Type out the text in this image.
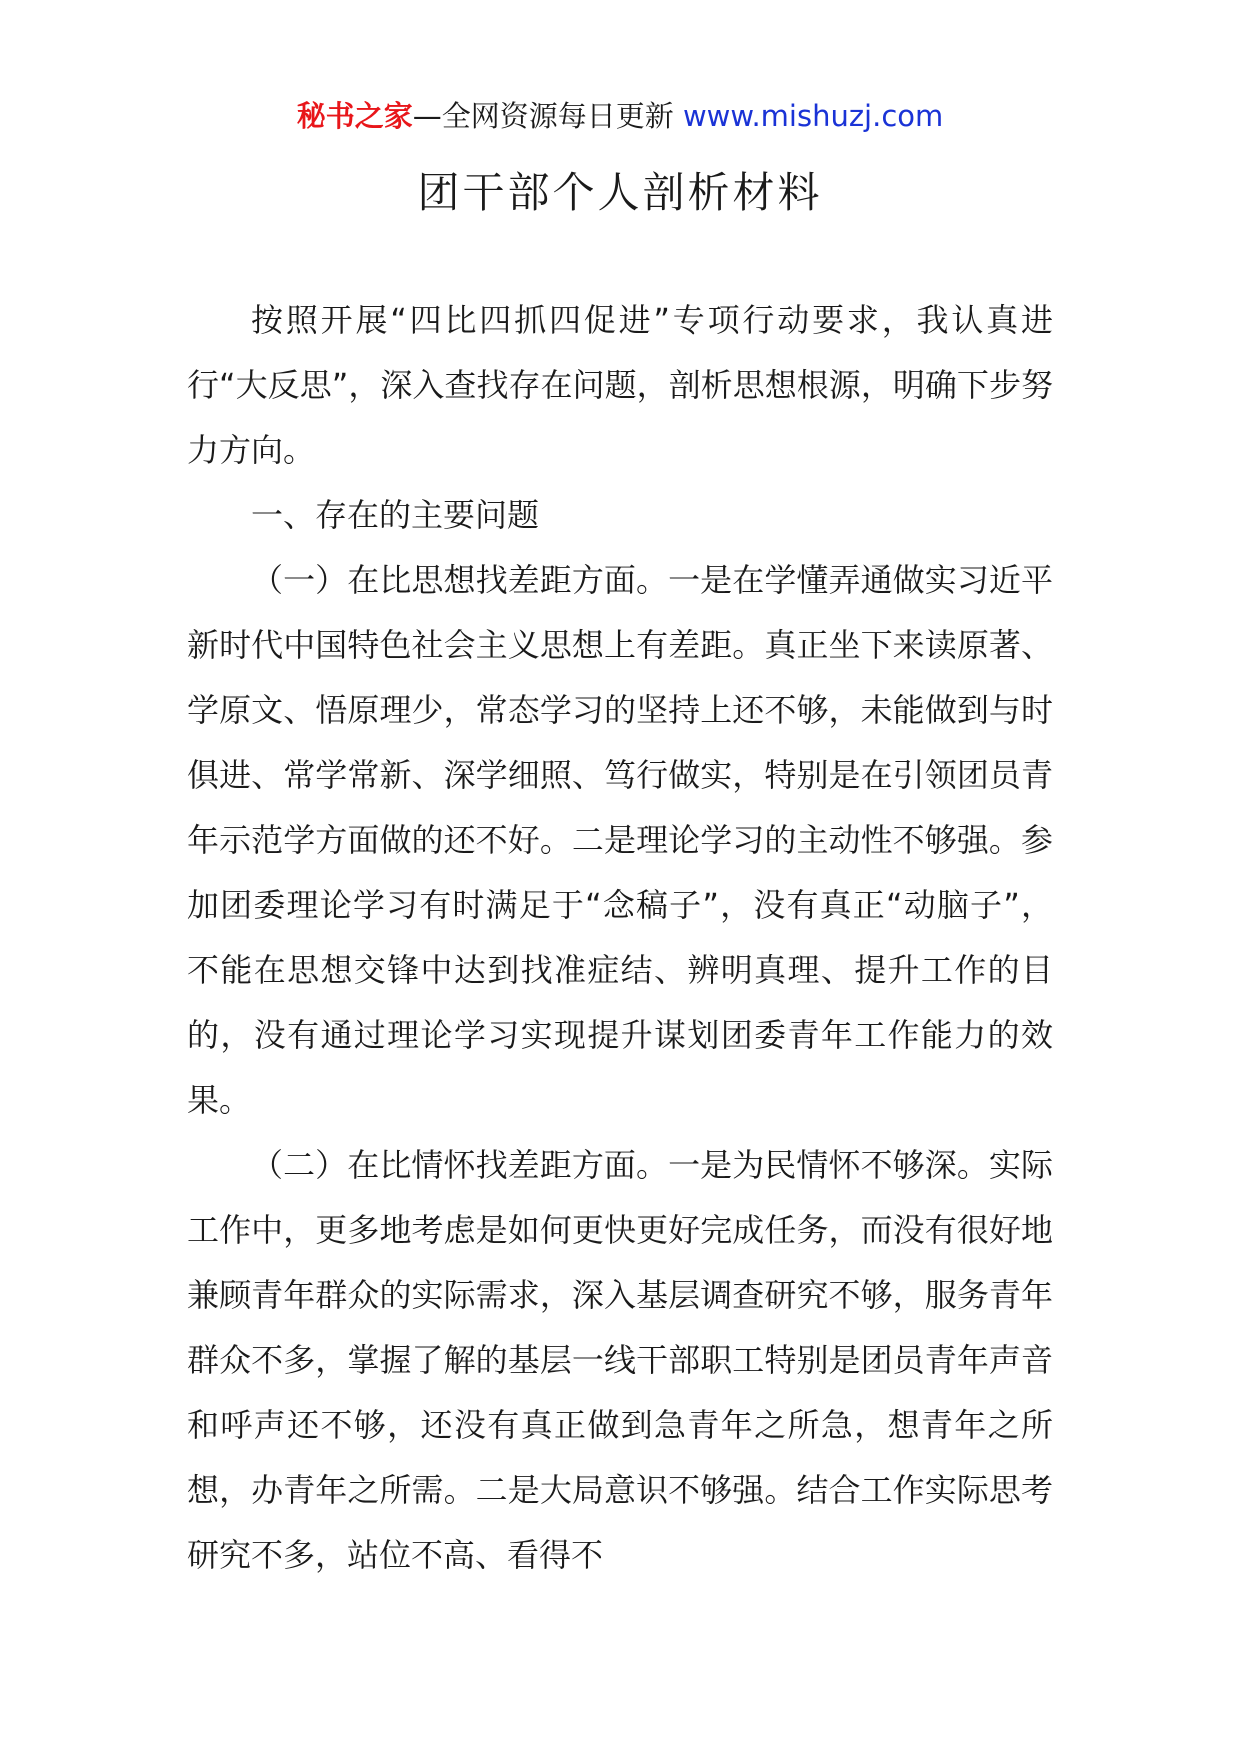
秘书之家—全网资源每日更新 www.mishuzj.com
团干部个人剖析材料

按照开展“四比四抓四促进”专项行动要求，我认真进行“大反思”，深入查找存在问题，剖析思想根源，明确下步努力方向。

一、存在的主要问题

（一）在比思想找差距方面。一是在学懂弄通做实习近平新时代中国特色社会主义思想上有差距。真正坐下来读原著、学原文、悟原理少，常态学习的坚持上还不够，未能做到与时俱进、常学常新、深学细照、笃行做实，特别是在引领团员青年示范学方面做的还不好。二是理论学习的主动性不够强。参加团委理论学习有时满足于“念稿子”，没有真正“动脑子”，不能在思想交锋中达到找准症结、辨明真理、提升工作的目的，没有通过理论学习实现提升谋划团委青年工作能力的效果。

（二）在比情怀找差距方面。一是为民情怀不够深。实际工作中，更多地考虑是如何更快更好完成任务，而没有很好地兼顾青年群众的实际需求，深入基层调查研究不够，服务青年群众不多，掌握了解的基层一线干部职工特别是团员青年声音和呼声还不够，还没有真正做到急青年之所急，想青年之所想，办青年之所需。二是大局意识不够强。结合工作实际思考研究不多，站位不高、看得不
